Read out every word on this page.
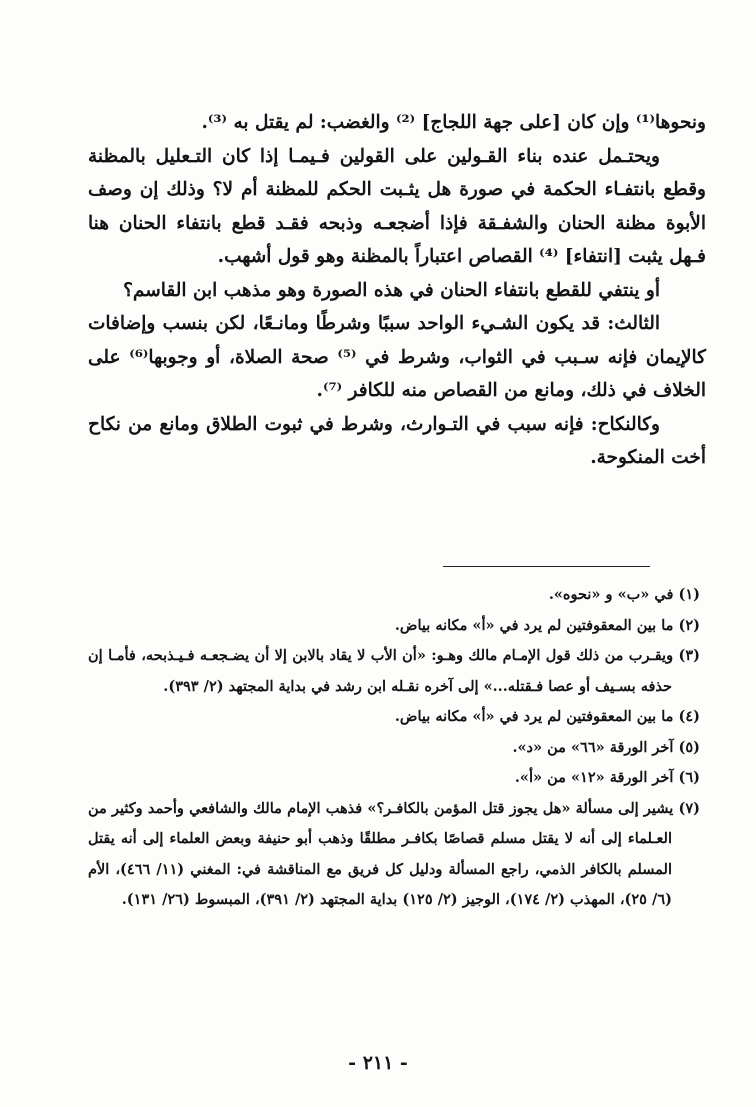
ونحوها⁽¹⁾ وإن كان [على جهة اللجاج] ⁽²⁾ والغضب: لم يقتل به ⁽³⁾.

ويحتـمل عنده بناء القـولين على القولين فـيمـا إذا كان التـعليل بالمظنة وقطع بانتفـاء الحكمة في صورة هل يثـبت الحكم للمظنة أم لا؟ وذلك إن وصف الأبوة مظنة الحنان والشفـقة فإذا أضجعـه وذبحه فقـد قطع بانتفاء الحنان هنا فـهل يثبت [انتفاء] ⁽⁴⁾ القصاص اعتباراً بالمظنة وهو قول أشهب.

أو ينتفي للقطع بانتفاء الحنان في هذه الصورة وهو مذهب ابن القاسم؟

الثالث: قد يكون الشـيء الواحد سببًا وشرطًا ومانـعًا، لكن بنسب وإضافات كالإيمان فإنه سـبب في الثواب، وشرط في ⁽⁵⁾ صحة الصلاة، أو وجوبها⁽⁶⁾ على الخلاف في ذلك، ومانع من القصاص منه للكافر ⁽⁷⁾.

وكالنكاح: فإنه سبب في التـوارث، وشرط في ثبوت الطلاق ومانع من نكاح أخت المنكوحة.

(١) في «ب» و «نحوه».

(٢) ما بين المعقوفتين لم يرد في «أ» مكانه بياض.

(٣) ويقـرب من ذلك قول الإمـام مالك وهـو: «أن الأب لا يقاد بالابن إلا أن يضـجعـه فـيـذبحه، فأمـا إن حذفه بسـيف أو عصا فـقتله...» إلى آخره نقـله ابن رشد في بداية المجتهد (٢/ ٣٩٣).

(٤) ما بين المعقوفتين لم يرد في «أ» مكانه بياض.

(٥) آخر الورقة «٦٦» من «د».

(٦) آخر الورقة «١٢» من «أ».

(٧) يشير إلى مسألة «هل يجوز قتل المؤمن بالكافـر؟» فذهب الإمام مالك والشافعي وأحمد وكثير من العـلماء إلى أنه لا يقتل مسلم قصاصًا بكافـر مطلقًا وذهب أبو حنيفة وبعض العلماء إلى أنه يقتل المسلم بالكافر الذمي، راجع المسألة ودليل كل فريق مع المناقشة في: المغني (١١/ ٤٦٦)، الأم (٦/ ٢٥)، المهذب (٢/ ١٧٤)، الوجيز (٢/ ١٢٥) بداية المجتهد (٢/ ٣٩١)، المبسوط (٢٦/ ١٣١).

- ٢١١ -
